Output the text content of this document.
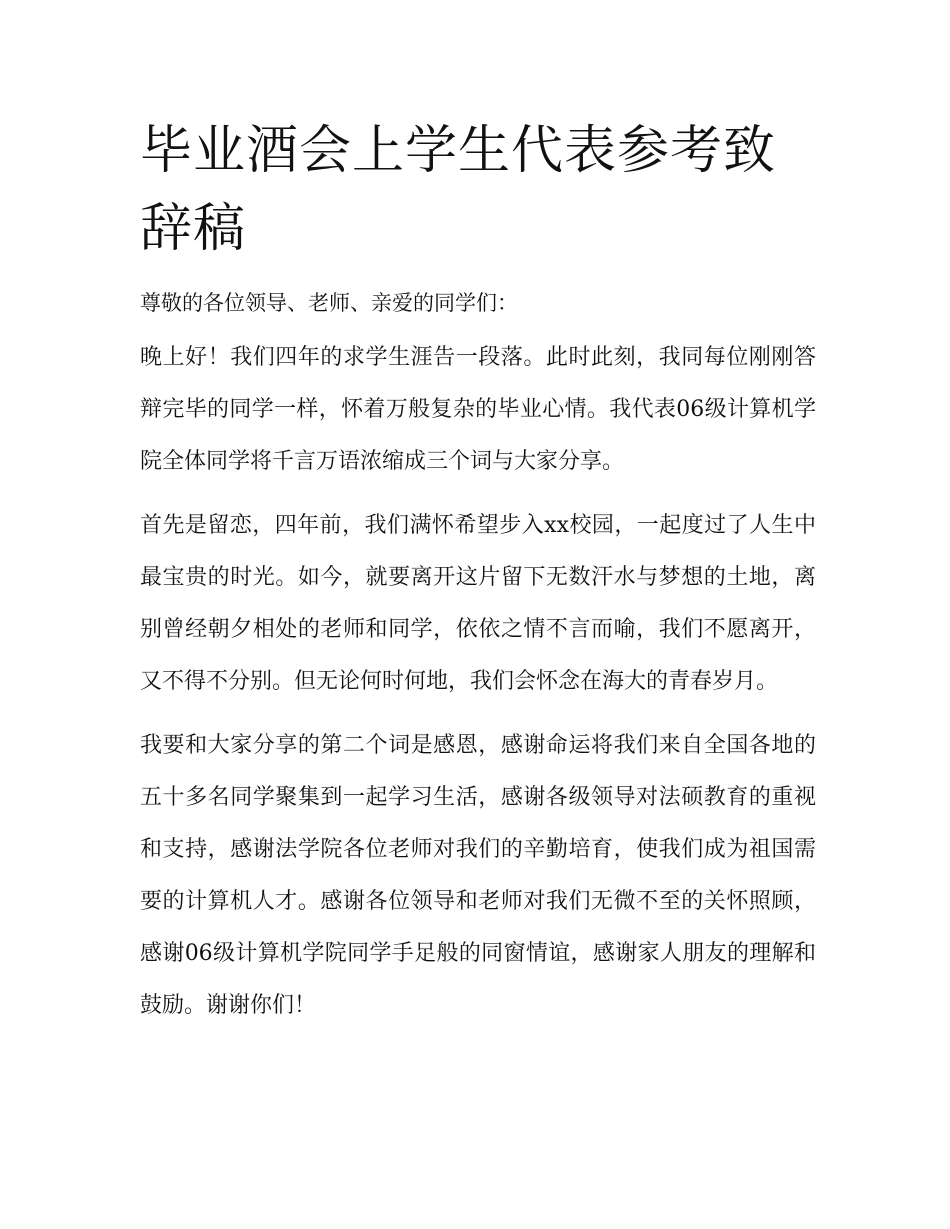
毕业酒会上学生代表参考致辞稿

尊敬的各位领导、老师、亲爱的同学们：

晚上好！我们四年的求学生涯告一段落。此时此刻，我同每位刚刚答辩完毕的同学一样，怀着万般复杂的毕业心情。我代表06级计算机学院全体同学将千言万语浓缩成三个词与大家分享。

首先是留恋，四年前，我们满怀希望步入xx校园，一起度过了人生中最宝贵的时光。如今，就要离开这片留下无数汗水与梦想的土地，离别曾经朝夕相处的老师和同学，依依之情不言而喻，我们不愿离开，又不得不分别。但无论何时何地，我们会怀念在海大的青春岁月。

我要和大家分享的第二个词是感恩，感谢命运将我们来自全国各地的五十多名同学聚集到一起学习生活，感谢各级领导对法硕教育的重视和支持，感谢法学院各位老师对我们的辛勤培育，使我们成为祖国需要的计算机人才。感谢各位领导和老师对我们无微不至的关怀照顾，感谢06级计算机学院同学手足般的同窗情谊，感谢家人朋友的理解和鼓励。谢谢你们！
